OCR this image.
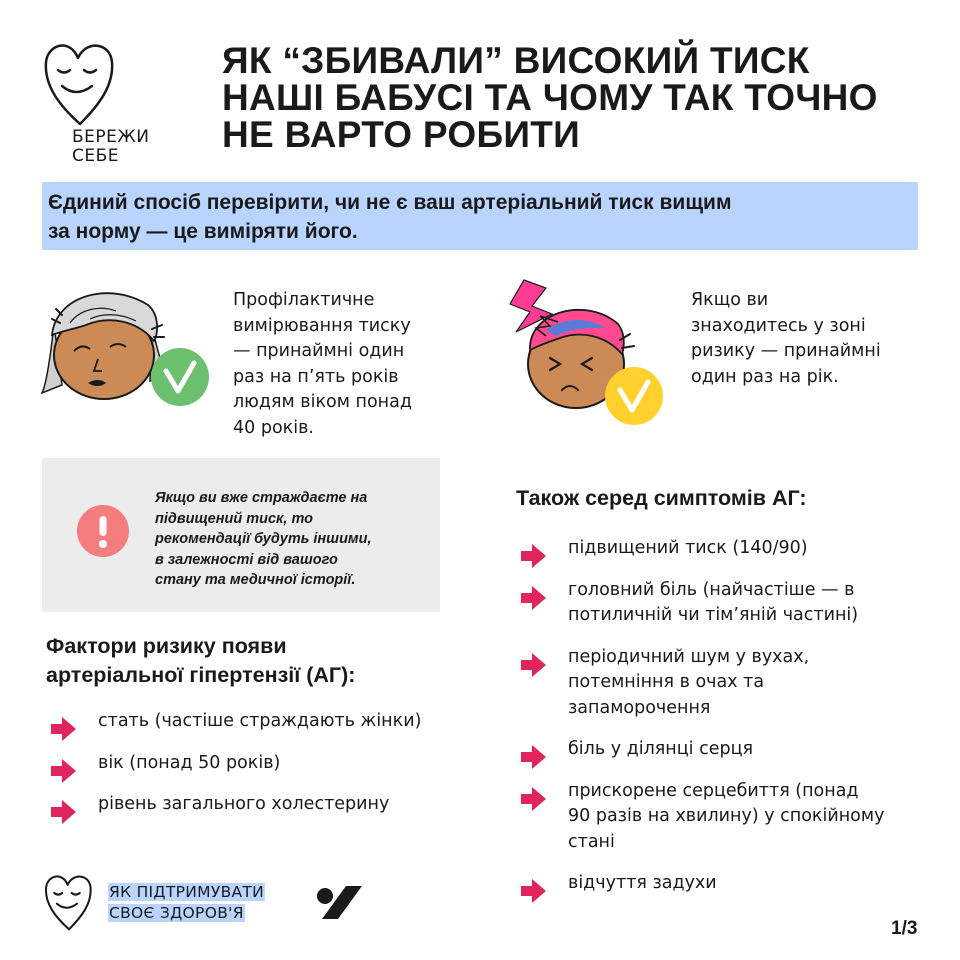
БЕРЕЖИ
СЕБЕ
ЯК “ЗБИВАЛИ” ВИСОКИЙ ТИСК
НАШІ БАБУСІ ТА ЧОМУ ТАК ТОЧНО
НЕ ВАРТО РОБИТИ
Єдиний спосіб перевірити, чи не є ваш артеріальний тиск вищим
за норму — це виміряти його.
Профілактичне
вимірювання тиску
— принаймні один
раз на п’ять років
людям віком понад
40 років.
Якщо ви
знаходитесь у зоні
ризику — принаймні
один раз на рік.
Якщо ви вже страждаєте на
підвищений тиск, то
рекомендації будуть іншими,
в залежності від вашого
стану та медичної історії.
Фактори ризику появи
артеріальної гіпертензії (АГ):
стать (частіше страждають жінки)
вік (понад 50 років)
рівень загального холестерину
Також серед симптомів АГ:
підвищений тиск (140/90)
головний біль (найчастіше — в
потиличній чи тім’яній частині)
періодичний шум у вухах,
потемніння в очах та
запаморочення
біль у ділянці серця
прискорене серцебиття (понад
90 разів на хвилину) у спокійному
стані
відчуття задухи
ЯК ПІДТРИМУВАТИ
СВОЄ ЗДОРОВ'Я
1/3
